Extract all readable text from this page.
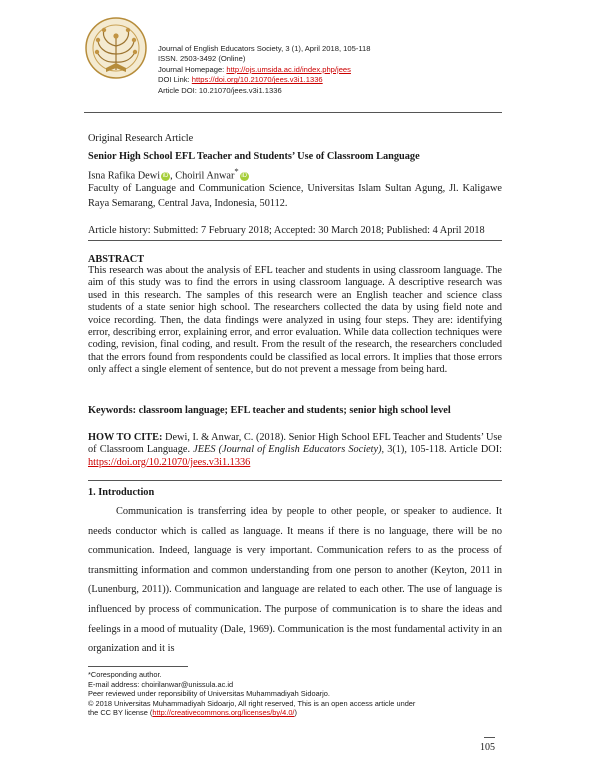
Journal of English Educators Society, 3 (1), April 2018, 105-118
ISSN. 2503-3492 (Online)
Journal Homepage: http://ojs.umsida.ac.id/index.php/jees
DOI Link: https://doi.org/10.21070/jees.v3i1.1336
Article DOI: 10.21070/jees.v3i1.1336
Original Research Article
Senior High School EFL Teacher and Students’ Use of Classroom Language
Isna Rafika Dewi iD , Choiril Anwar*iD
Faculty of Language and Communication Science, Universitas Islam Sultan Agung, Jl. Kaligawe Raya Semarang, Central Java, Indonesia, 50112.
Article history: Submitted: 7 February 2018; Accepted: 30 March 2018; Published: 4 April 2018
ABSTRACT
This research was about the analysis of EFL teacher and students in using classroom language. The aim of this study was to find the errors in using classroom language. A descriptive research was used in this research. The samples of this research were an English teacher and science class students of a state senior high school. The researchers collected the data by using field note and voice recording. Then, the data findings were analyzed in using four steps. They are: identifying error, describing error, explaining error, and error evaluation. While data collection techniques were coding, revision, final coding, and result. From the result of the research, the researchers concluded that the errors found from respondents could be classified as local errors. It implies that those errors only affect a single element of sentence, but do not prevent a message from being hard.
Keywords: classroom language; EFL teacher and students; senior high school level
HOW TO CITE: Dewi, I. & Anwar, C. (2018). Senior High School EFL Teacher and Students’ Use of Classroom Language. JEES (Journal of English Educators Society), 3(1), 105-118. Article DOI: https://doi.org/10.21070/jees.v3i1.1336
1. Introduction
Communication is transferring idea by people to other people, or speaker to audience. It needs conductor which is called as language. It means if there is no language, there will be no communication. Indeed, language is very important. Communication refers to as the process of transmitting information and common understanding from one person to another (Keyton, 2011 in (Lunenburg, 2011)). Communication and language are related to each other. The use of language is influenced by process of communication. The purpose of communication is to share the ideas and feelings in a mood of mutuality (Dale, 1969). Communication is the most fundamental activity in an organization and it is
*Coresponding author.
E-mail address: choirilanwar@unissula.ac.id
Peer reviewed under reponsibility of Universitas Muhammadiyah Sidoarjo.
© 2018 Universitas Muhammadiyah Sidoarjo, All right reserved, This is an open access article under
the CC BY license (http://creativecommons.org/licenses/by/4.0/)
105
